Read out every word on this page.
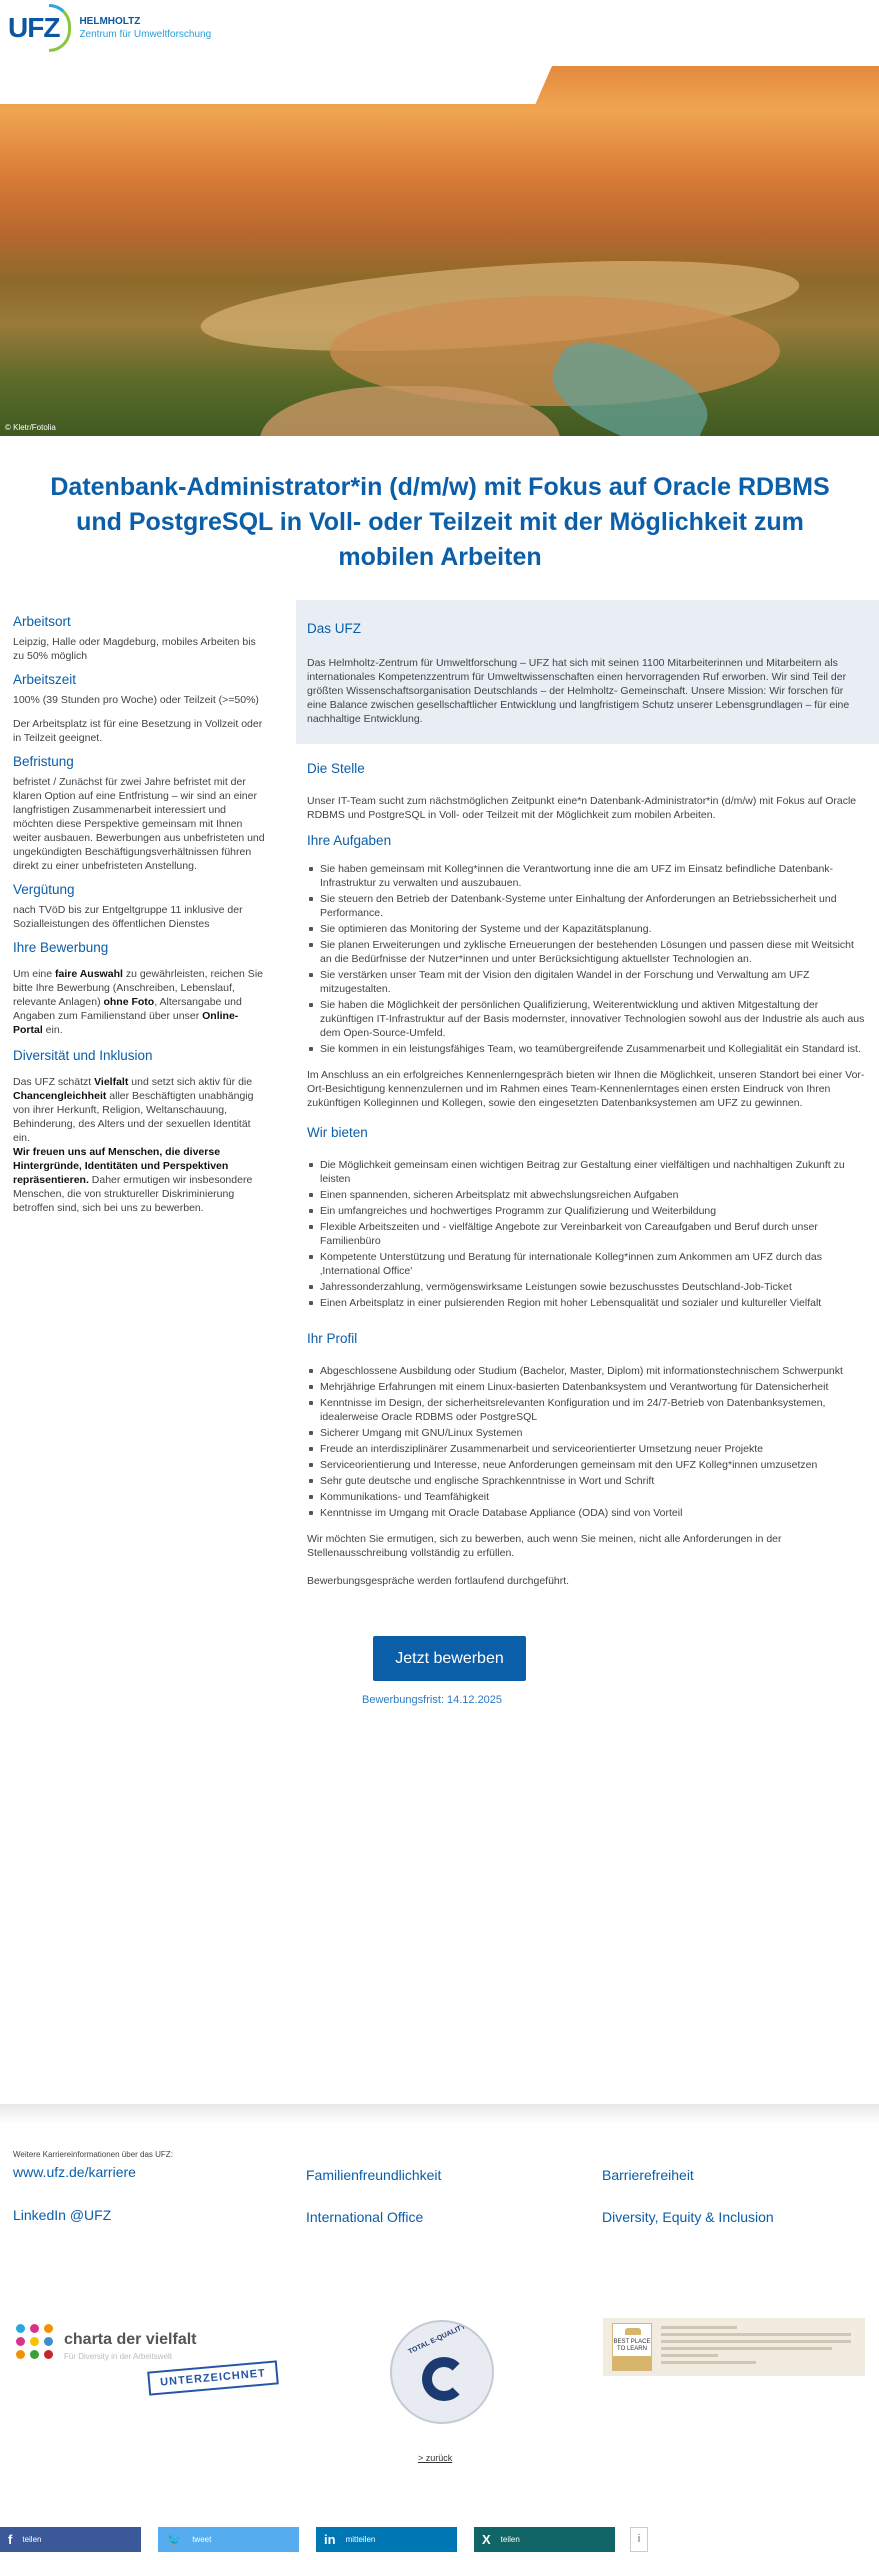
UFZ	HELMHOLTZ
Zentrum für Umweltforschung
© Kletr/Fotolia
Datenbank-Administrator*in (d/m/w) mit Fokus auf Oracle RDBMS und PostgreSQL in Voll- oder Teilzeit mit der Möglichkeit zum mobilen Arbeiten
Arbeitsort

Leipzig, Halle oder Magdeburg, mobiles Arbeiten bis zu 50% möglich

Arbeitszeit

100% (39 Stunden pro Woche) oder Teilzeit (>=50%)

Der Arbeitsplatz ist für eine Besetzung in Vollzeit oder in Teilzeit geeignet.

Befristung

befristet / Zunächst für zwei Jahre befristet mit der klaren Option auf eine Entfristung – wir sind an einer langfristigen Zusammenarbeit interessiert und möchten diese Perspektive gemeinsam mit Ihnen weiter ausbauen. Bewerbungen aus unbefristeten und ungekündigten Beschäftigungsverhältnissen führen direkt zu einer unbefristeten Anstellung.

Vergütung

nach TVöD bis zur Entgeltgruppe 11 inklusive der Sozialleistungen des öffentlichen Dienstes

Ihre Bewerbung

Um eine faire Auswahl zu gewährleisten, reichen Sie bitte Ihre Bewerbung (Anschreiben, Lebenslauf, relevante Anlagen) ohne Foto, Altersangabe und Angaben zum Familienstand über unser Online-Portal ein.

Diversität und Inklusion

Das UFZ schätzt Vielfalt und setzt sich aktiv für die Chancengleichheit aller Beschäftigten unabhängig von ihrer Herkunft, Religion, Weltanschauung, Behinderung, des Alters und der sexuellen Identität ein.
Wir freuen uns auf Menschen, die diverse Hintergründe, Identitäten und Perspektiven repräsentieren. Daher ermutigen wir insbesondere Menschen, die von struktureller Diskriminierung betroffen sind, sich bei uns zu bewerben.

Das UFZ

Das Helmholtz-Zentrum für Umweltforschung – UFZ hat sich mit seinen 1100 Mitarbeiterinnen und Mitarbeitern als internationales Kompetenzzentrum für Umweltwissenschaften einen hervorragenden Ruf erworben. Wir sind Teil der größten Wissenschaftsorganisation Deutschlands – der Helmholtz- Gemeinschaft. Unsere Mission: Wir forschen für eine Balance zwischen gesellschaftlicher Entwicklung und langfristigem Schutz unserer Lebensgrundlagen – für eine nachhaltige Entwicklung.

Die Stelle

Unser IT-Team sucht zum nächstmöglichen Zeitpunkt eine*n Datenbank-Administrator*in (d/m/w) mit Fokus auf Oracle RDBMS und PostgreSQL in Voll- oder Teilzeit mit der Möglichkeit zum mobilen Arbeiten.

Ihre Aufgaben
Sie haben gemeinsam mit Kolleg*innen die Verantwortung inne die am UFZ im Einsatz befindliche Datenbank-Infrastruktur zu verwalten und auszubauen.
Sie steuern den Betrieb der Datenbank-Systeme unter Einhaltung der Anforderungen an Betriebssicherheit und Performance.
Sie optimieren das Monitoring der Systeme und der Kapazitätsplanung.
Sie planen Erweiterungen und zyklische Erneuerungen der bestehenden Lösungen und passen diese mit Weitsicht an die Bedürfnisse der Nutzer*innen und unter Berücksichtigung aktuellster Technologien an.
Sie verstärken unser Team mit der Vision den digitalen Wandel in der Forschung und Verwaltung am UFZ mitzugestalten.
Sie haben die Möglichkeit der persönlichen Qualifizierung, Weiterentwicklung und aktiven Mitgestaltung der zukünftigen IT-Infrastruktur auf der Basis modernster, innovativer Technologien sowohl aus der Industrie als auch aus dem Open-Source-Umfeld.
Sie kommen in ein leistungsfähiges Team, wo teamübergreifende Zusammenarbeit und Kollegialität ein Standard ist.

Im Anschluss an ein erfolgreiches Kennenlerngespräch bieten wir Ihnen die Möglichkeit, unseren Standort bei einer Vor-Ort-Besichtigung kennenzulernen und im Rahmen eines Team-Kennenlerntages einen ersten Eindruck von Ihren zukünftigen Kolleginnen und Kollegen, sowie den eingesetzten Datenbanksystemen am UFZ zu gewinnen.

Wir bieten
Die Möglichkeit gemeinsam einen wichtigen Beitrag zur Gestaltung einer vielfältigen und nachhaltigen Zukunft zu leisten
Einen spannenden, sicheren Arbeitsplatz mit abwechslungsreichen Aufgaben
Ein umfangreiches und hochwertiges Programm zur Qualifizierung und Weiterbildung
Flexible Arbeitszeiten und - vielfältige Angebote zur Vereinbarkeit von Careaufgaben und Beruf durch unser Familienbüro
Kompetente Unterstützung und Beratung für internationale Kolleg*innen zum Ankommen am UFZ durch das ‚International Office'
Jahressonderzahlung, vermögenswirksame Leistungen sowie bezuschusstes Deutschland-Job-Ticket
Einen Arbeitsplatz in einer pulsierenden Region mit hoher Lebensqualität und sozialer und kultureller Vielfalt
Ihr Profil
Abgeschlossene Ausbildung oder Studium (Bachelor, Master, Diplom) mit informationstechnischem Schwerpunkt
Mehrjährige Erfahrungen mit einem Linux-basierten Datenbanksystem und Verantwortung für Datensicherheit
Kenntnisse im Design, der sicherheitsrelevanten Konfiguration und im 24/7-Betrieb von Datenbanksystemen, idealerweise Oracle RDBMS oder PostgreSQL
Sicherer Umgang mit GNU/Linux Systemen
Freude an interdisziplinärer Zusammenarbeit und serviceorientierter Umsetzung neuer Projekte
Serviceorientierung und Interesse, neue Anforderungen gemeinsam mit den UFZ Kolleg*innen umzusetzen
Sehr gute deutsche und englische Sprachkenntnisse in Wort und Schrift
Kommunikations- und Teamfähigkeit
Kenntnisse im Umgang mit Oracle Database Appliance (ODA) sind von Vorteil

Wir möchten Sie ermutigen, sich zu bewerben, auch wenn Sie meinen, nicht alle Anforderungen in der Stellenausschreibung vollständig zu erfüllen.

Bewerbungsgespräche werden fortlaufend durchgeführt.

Jetzt bewerben
Bewerbungsfrist: 14.12.2025
Weitere Karriereinformationen über das UFZ:
www.ufz.de/karriere	Familienfreundlichkeit	Barrierefreiheit
LinkedIn @UFZ	International Office	Diversity, Equity & Inclusion
charta der vielfalt
Für Diversity in der Arbeitswelt
UNTERZEICHNET
TOTAL E-QUALITY	BEST PLACE TO LEARN
> zurück
f teilen	🐦 tweet	in mitteilen	X teilen	i
